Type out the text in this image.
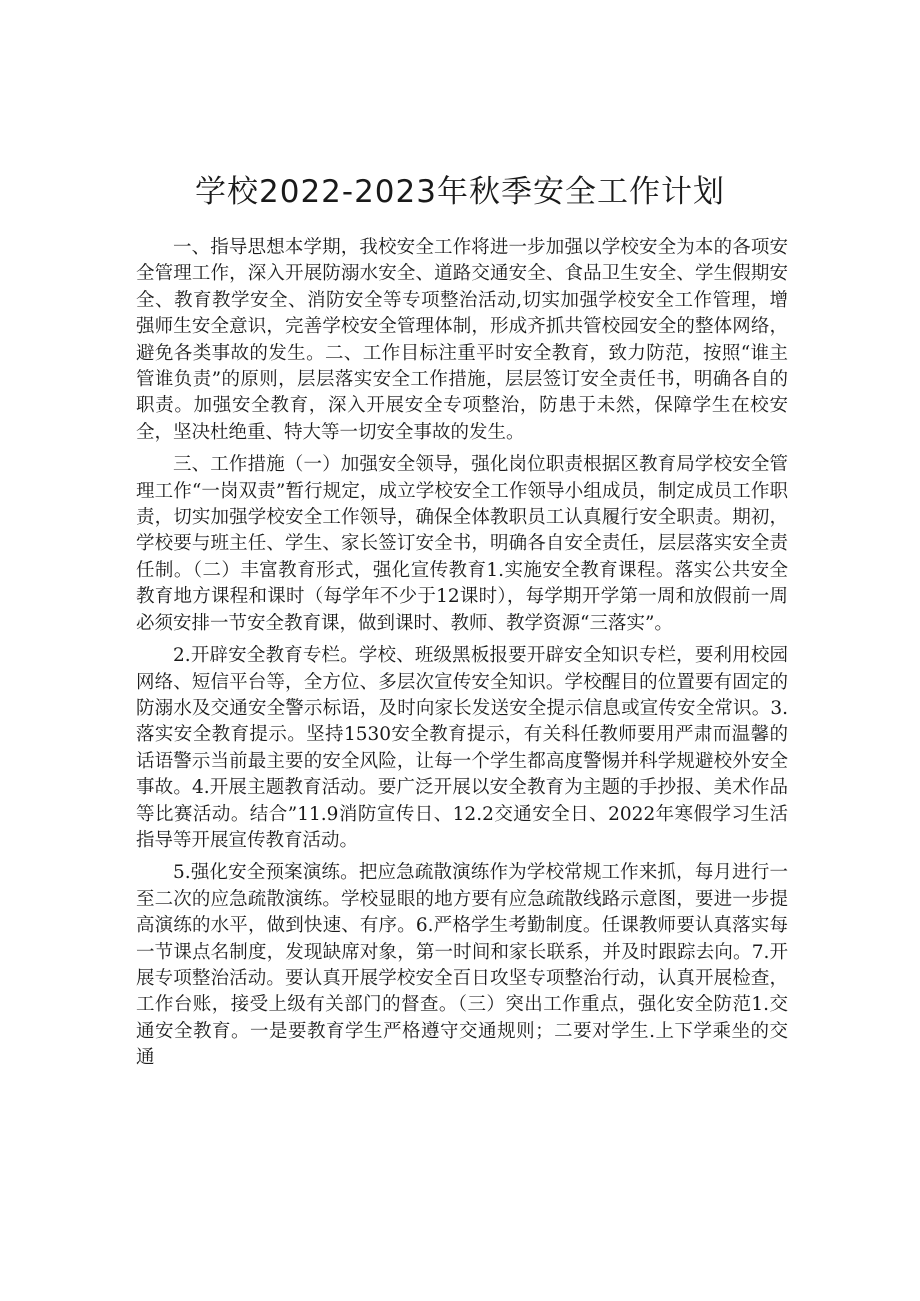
学校2022-2023年秋季安全工作计划

一、指导思想本学期，我校安全工作将进一步加强以学校安全为本的各项安全管理工作，深入开展防溺水安全、道路交通安全、食品卫生安全、学生假期安全、教育教学安全、消防安全等专项整治活动,切实加强学校安全工作管理，增强师生安全意识，完善学校安全管理体制，形成齐抓共管校园安全的整体网络，避免各类事故的发生。二、工作目标注重平时安全教育，致力防范，按照“谁主管谁负责”的原则，层层落实安全工作措施，层层签订安全责任书，明确各自的职责。加强安全教育，深入开展安全专项整治，防患于未然，保障学生在校安全，坚决杜绝重、特大等一切安全事故的发生。

三、工作措施（一）加强安全领导，强化岗位职责根据区教育局学校安全管理工作“一岗双责”暂行规定，成立学校安全工作领导小组成员，制定成员工作职责，切实加强学校安全工作领导，确保全体教职员工认真履行安全职责。期初，学校要与班主任、学生、家长签订安全书，明确各自安全责任，层层落实安全责任制。（二）丰富教育形式，强化宣传教育1.实施安全教育课程。落实公共安全教育地方课程和课时（每学年不少于12课时），每学期开学第一周和放假前一周必须安排一节安全教育课，做到课时、教师、教学资源“三落实”。

2.开辟安全教育专栏。学校、班级黑板报要开辟安全知识专栏，要利用校园网络、短信平台等，全方位、多层次宣传安全知识。学校醒目的位置要有固定的防溺水及交通安全警示标语，及时向家长发送安全提示信息或宣传安全常识。3.落实安全教育提示。坚持1530安全教育提示，有关科任教师要用严肃而温馨的话语警示当前最主要的安全风险，让每一个学生都高度警惕并科学规避校外安全事故。4.开展主题教育活动。要广泛开展以安全教育为主题的手抄报、美术作品等比赛活动。结合”11.9消防宣传日、12.2交通安全日、2022年寒假学习生活指导等开展宣传教育活动。

5.强化安全预案演练。把应急疏散演练作为学校常规工作来抓，每月进行一至二次的应急疏散演练。学校显眼的地方要有应急疏散线路示意图，要进一步提高演练的水平，做到快速、有序。6.严格学生考勤制度。任课教师要认真落实每一节课点名制度，发现缺席对象，第一时间和家长联系，并及时跟踪去向。7.开展专项整治活动。要认真开展学校安全百日攻坚专项整治行动，认真开展检查，工作台账，接受上级有关部门的督查。（三）突出工作重点，强化安全防范1.交通安全教育。一是要教育学生严格遵守交通规则；二要对学生.上下学乘坐的交通
